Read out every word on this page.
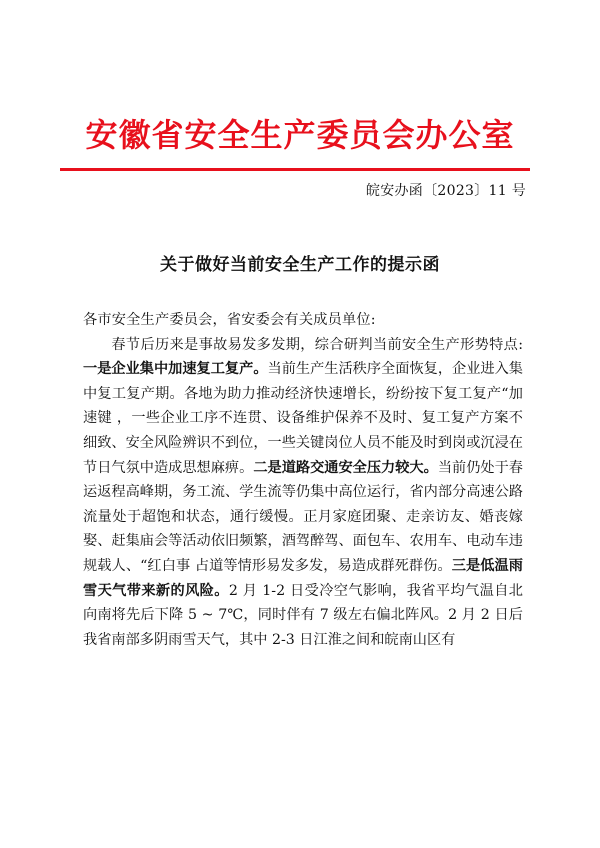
安徽省安全生产委员会办公室
皖安办函〔2023〕11 号
关于做好当前安全生产工作的提示函

各市安全生产委员会，省安委会有关成员单位:

春节后历来是事故易发多发期，综合研判当前安全生产形势特点: 一是企业集中加速复工复产。当前生产生活秩序全面恢复，企业进入集中复工复产期。各地为助力推动经济快速增长，纷纷按下复工复产“加速键 ，一些企业工序不连贯、设备维护保养不及时、复工复产方案不细致、安全风险辨识不到位，一些关键岗位人员不能及时到岗或沉浸在节日气氛中造成思想麻痹。二是道路交通安全压力较大。当前仍处于春运返程高峰期，务工流、学生流等仍集中高位运行，省内部分高速公路流量处于超饱和状态，通行缓慢。正月家庭团聚、走亲访友、婚丧嫁娶、赶集庙会等活动依旧频繁，酒驾醉驾、面包车、农用车、电动车违规载人、“红白事 占道等情形易发多发，易造成群死群伤。三是低温雨雪天气带来新的风险。2 月 1-2 日受冷空气影响，我省平均气温自北向南将先后下降 5 ~ 7℃，同时伴有 7 级左右偏北阵风。2 月 2 日后我省南部多阴雨雪天气，其中 2-3 日江淮之间和皖南山区有
